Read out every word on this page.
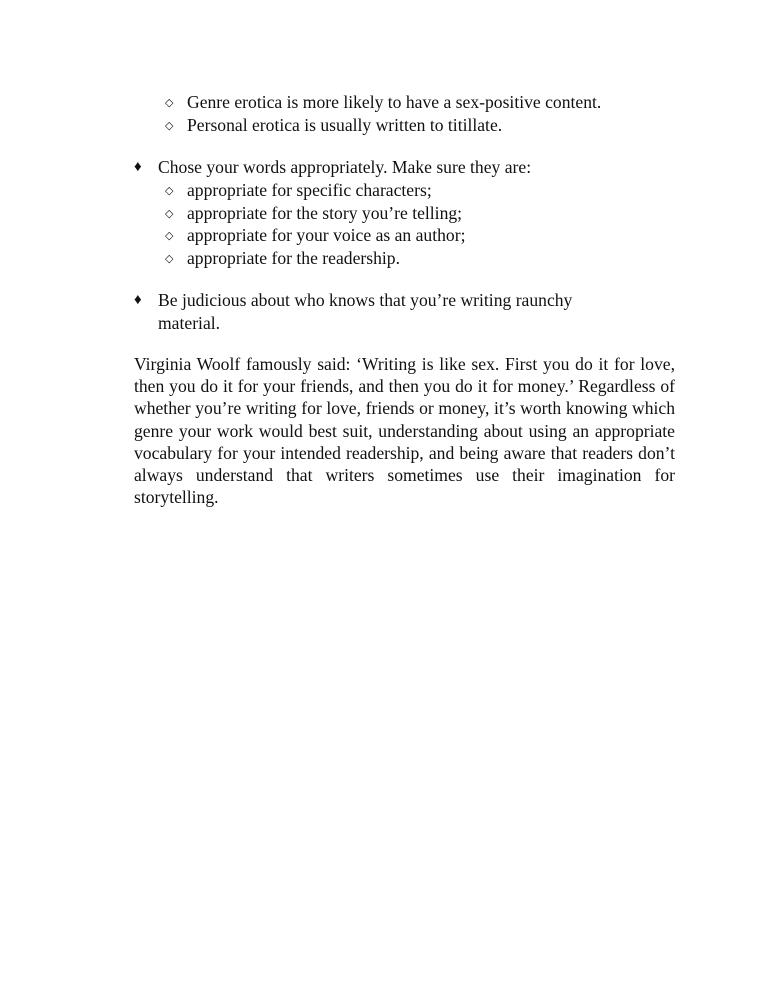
◇ Genre erotica is more likely to have a sex-positive content.
◇ Personal erotica is usually written to titillate.
♦ Chose your words appropriately. Make sure they are:
◇ appropriate for specific characters;
◇ appropriate for the story you’re telling;
◇ appropriate for your voice as an author;
◇ appropriate for the readership.
♦ Be judicious about who knows that you’re writing raunchy material.
Virginia Woolf famously said: ‘Writing is like sex. First you do it for love, then you do it for your friends, and then you do it for money.’ Regardless of whether you’re writing for love, friends or money, it’s worth knowing which genre your work would best suit, understanding about using an appropriate vocabulary for your intended readership, and being aware that readers don’t always understand that writers sometimes use their imagination for storytelling.
